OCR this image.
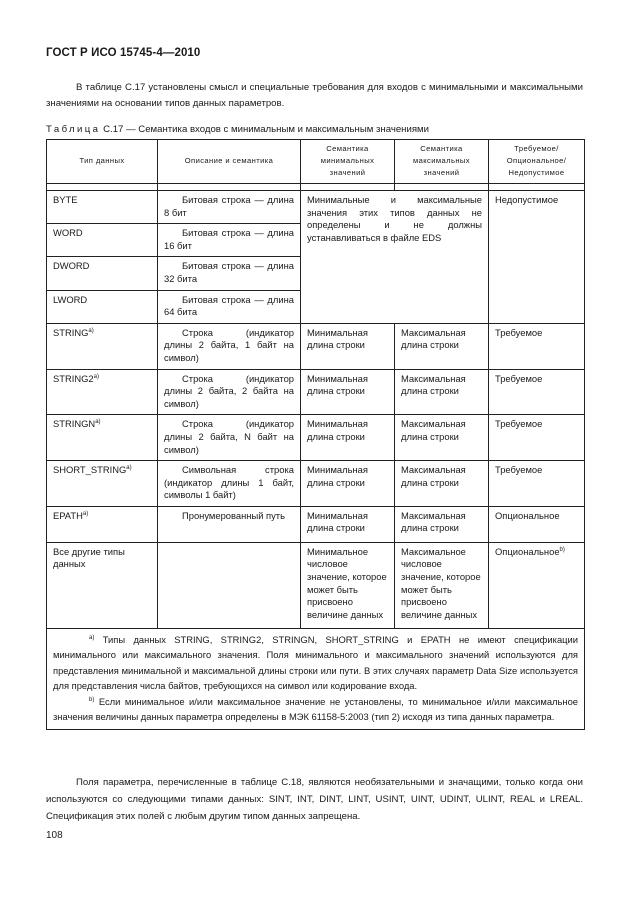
ГОСТ Р ИСО 15745-4—2010
В таблице С.17 установлены смысл и специальные требования для входов с минимальными и максимальными значениями на основании типов данных параметров.
Таблица С.17 — Семантика входов с минимальным и максимальным значениями
Тип данных	Описание и семантика	Семантика минимальных значений	Семантика максимальных значений	Требуемое/ Опциональное/ Недопустимое

BYTE	Битовая строка — длина 8 бит	Минимальные и максимальные значения этих типов данных не определены и не должны устанавливаться в файле EDS		Недопустимое
WORD	Битовая строка — длина 16 бит			
DWORD	Битовая строка — длина 32 бита			
LWORD	Битовая строка — длина 64 бита			
$STRING^{а)}$	Строка (индикатор длины 2 байта, 1 байт на символ)	Минимальная длина строки	Максимальная длина строки	Требуемое
$STRING2^{а)}$	Строка (индикатор длины 2 байта, 2 байта на символ)	Минимальная длина строки	Максимальная длина строки	Требуемое
$STRINGN^{а)}$	Строка (индикатор длины 2 байта, N байт на символ)	Минимальная длина строки	Максимальная длина строки	Требуемое
$SHORT\_STRING^{а)}$	Символьная строка (индикатор длины 1 байт, символы 1 байт)	Минимальная длина строки	Максимальная длина строки	Требуемое
$EPATH^{а)}$	Пронумерованный путь	Минимальная длина строки	Максимальная длина строки	Опциональное
Все другие типы данных		Минимальное числовое значение, которое может быть присвоено величине данных	Максимальное числовое значение, которое может быть присвоено величине данных	Опциональное$^{b)}$

$^{а)}$ Типы данных STRING, STRING2, STRINGN, SHORT_STRING и EPATH не имеют спецификации минимального или максимального значения. Поля минимального и максимального значений используются для представления минимальной и максимальной длины строки или пути. В этих случаях параметр Data Size используется для представления числа байтов, требующихся на символ или кодирование входа.
$^{b)}$ Если минимальное и/или максимальное значение не установлены, то минимальное и/или максимальное значения величины данных параметра определены в МЭК 61158-5:2003 (тип 2) исходя из типа данных параметра.				
Поля параметра, перечисленные в таблице С.18, являются необязательными и значащими, только когда они используются со следующими типами данных: SINT, INT, DINT, LINT, USINT, UINT, UDINT, ULINT, REAL и LREAL. Спецификация этих полей с любым другим типом данных запрещена.
108
